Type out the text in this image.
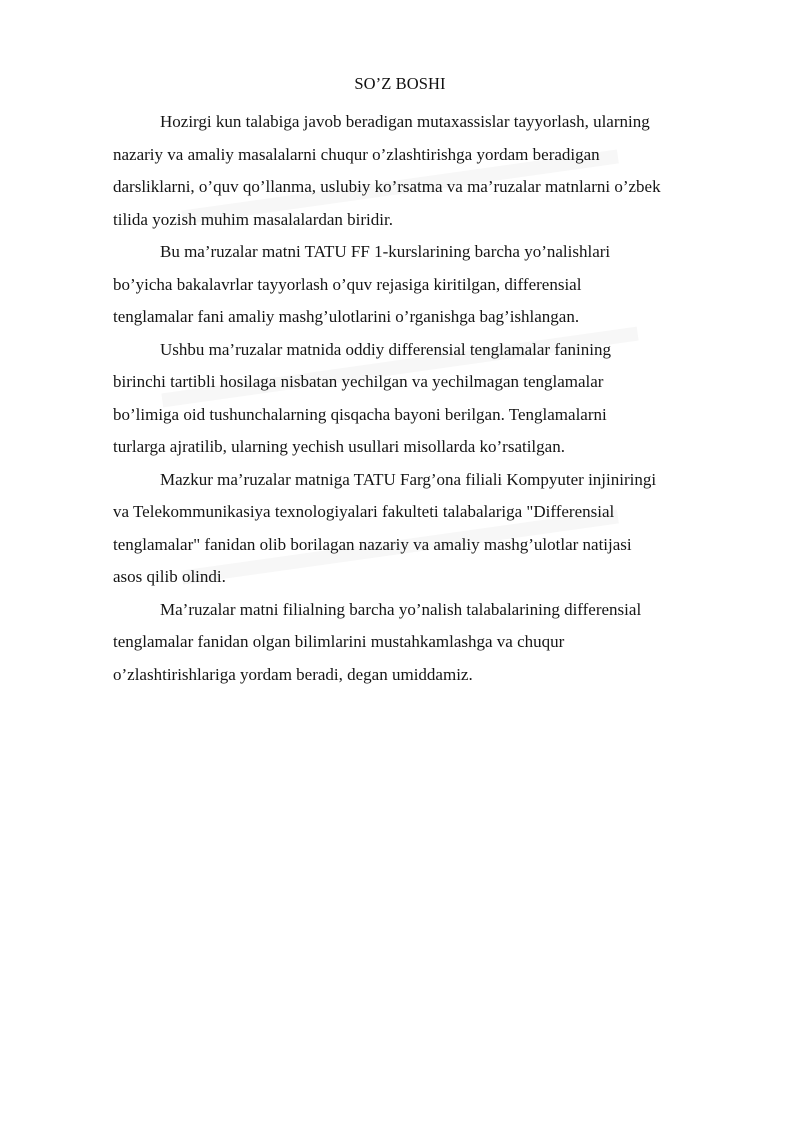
SO’Z BOSHI

Hozirgi kun talabiga javob beradigan mutaxassislar tayyorlash, ularning
nazariy va amaliy masalalarni chuqur o’zlashtirishga yordam beradigan
darsliklarni, o’quv qo’llanma, uslubiy ko’rsatma va ma’ruzalar matnlarni o’zbek
tilida yozish muhim masalalardan biridir.

Bu ma’ruzalar matni TATU FF 1-kurslarining barcha yo’nalishlari
bo’yicha bakalavrlar tayyorlash o’quv rejasiga kiritilgan, differensial
tenglamalar fani amaliy mashg’ulotlarini o’rganishga bag’ishlangan.

Ushbu ma’ruzalar matnida oddiy differensial tenglamalar fanining
birinchi tartibli hosilaga nisbatan yechilgan va yechilmagan tenglamalar
bo’limiga oid tushunchalarning qisqacha bayoni berilgan. Tenglamalarni
turlarga ajratilib, ularning yechish usullari misollarda ko’rsatilgan.

Mazkur ma’ruzalar matniga TATU Farg’ona filiali Kompyuter injiniringi
va Telekommunikasiya texnologiyalari fakulteti talabalariga "Differensial
tenglamalar" fanidan olib borilagan nazariy va amaliy mashg’ulotlar natijasi
asos qilib olindi.

Ma’ruzalar matni filialning barcha yo’nalish talabalarining differensial
tenglamalar fanidan olgan bilimlarini mustahkamlashga va chuqur
o’zlashtirishlariga yordam beradi, degan umiddamiz.
